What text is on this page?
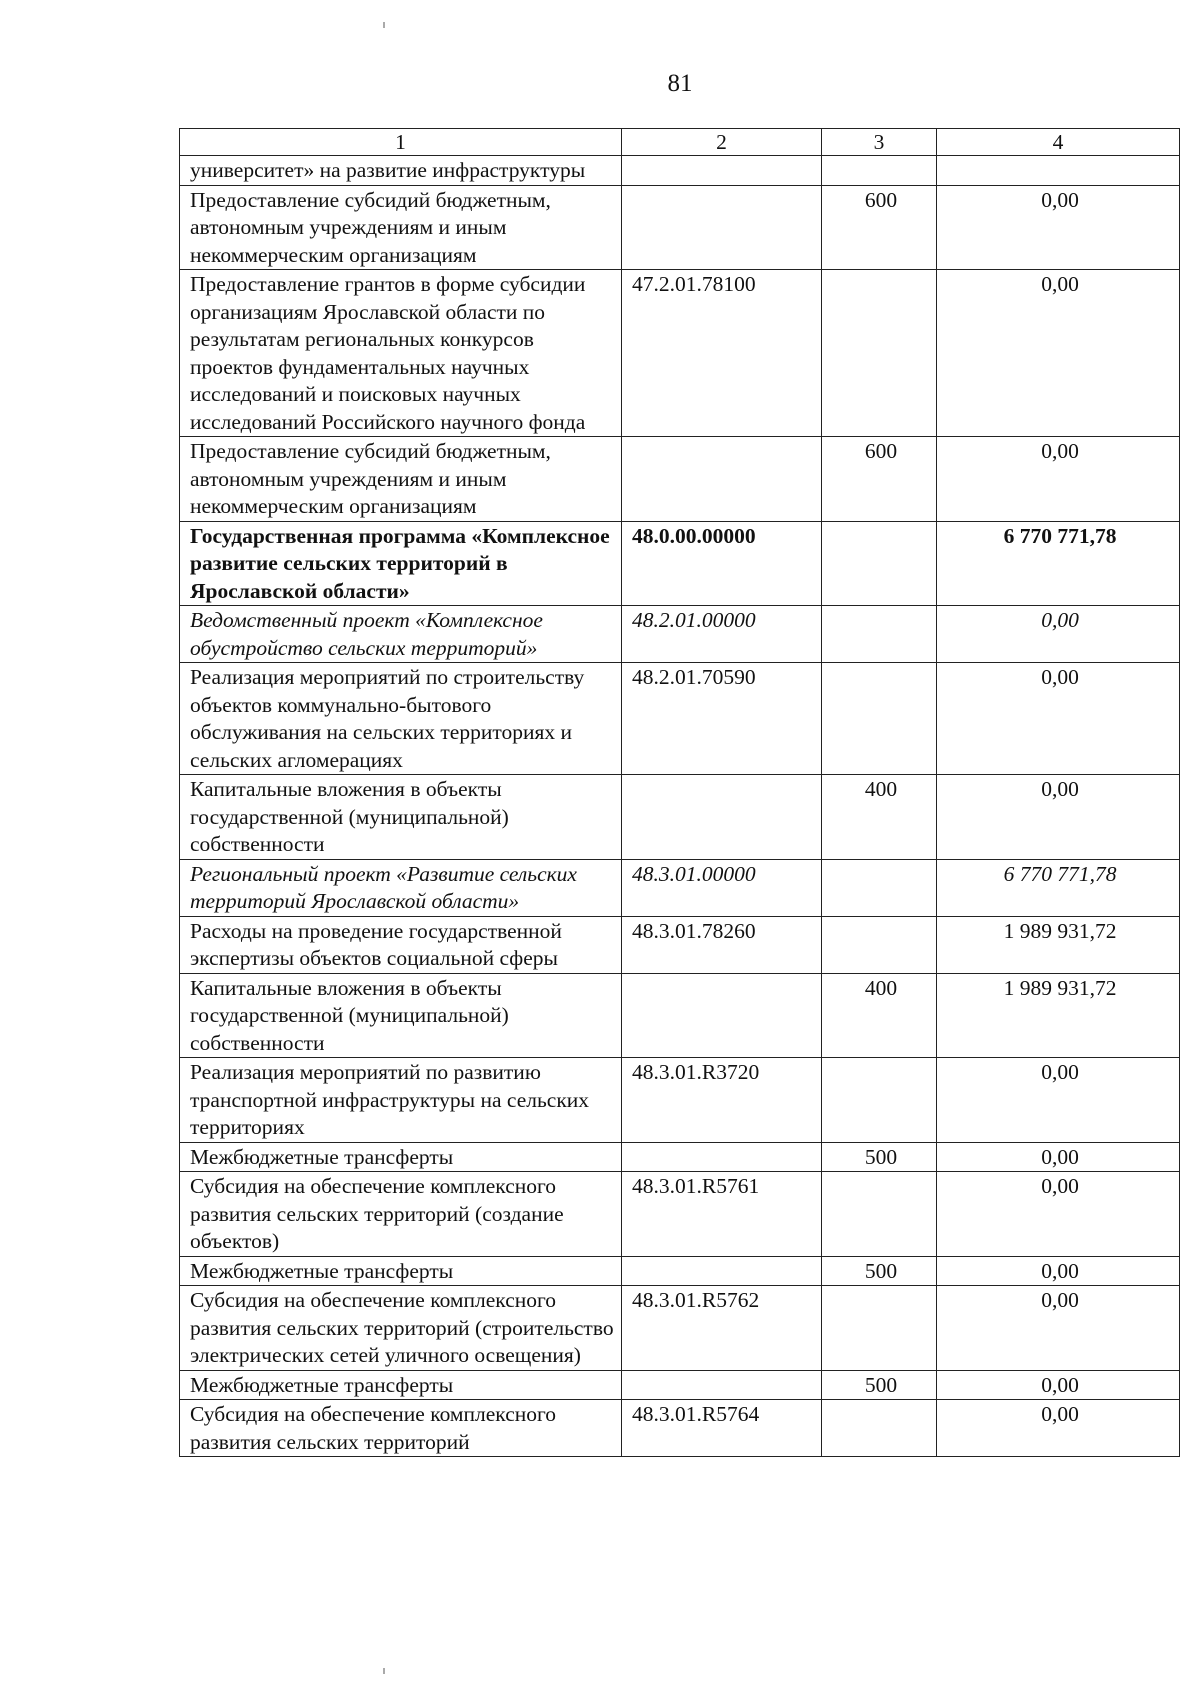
81
1	2	3	4
университет» на развитие инфраструктуры			
Предоставление субсидий бюджетным, автономным учреждениям и иным некоммерческим организациям		600	0,00
Предоставление грантов в форме субсидии организациям Ярославской области по результатам региональных конкурсов проектов фундаментальных научных исследований и поисковых научных исследований Российского научного фонда	47.2.01.78100		0,00
Предоставление субсидий бюджетным, автономным учреждениям и иным некоммерческим организациям		600	0,00
Государственная программа «Комплексное развитие сельских территорий в Ярославской области»	48.0.00.00000		6 770 771,78
Ведомственный проект «Комплексное обустройство сельских территорий»	48.2.01.00000		0,00
Реализация мероприятий по строительству объектов коммунально-бытового обслуживания на сельских территориях и сельских агломерациях	48.2.01.70590		0,00
Капитальные вложения в объекты государственной (муниципальной) собственности		400	0,00
Региональный проект «Развитие сельских территорий Ярославской области»	48.3.01.00000		6 770 771,78
Расходы на проведение государственной экспертизы объектов социальной сферы	48.3.01.78260		1 989 931,72
Капитальные вложения в объекты государственной (муниципальной) собственности		400	1 989 931,72
Реализация мероприятий по развитию транспортной инфраструктуры на сельских территориях	48.3.01.R3720		0,00
Межбюджетные трансферты		500	0,00
Субсидия на обеспечение комплексного развития сельских территорий (создание объектов)	48.3.01.R5761		0,00
Межбюджетные трансферты		500	0,00
Субсидия на обеспечение комплексного развития сельских территорий (строительство электрических сетей уличного освещения)	48.3.01.R5762		0,00
Межбюджетные трансферты		500	0,00
Субсидия на обеспечение комплексного развития сельских территорий	48.3.01.R5764		0,00
